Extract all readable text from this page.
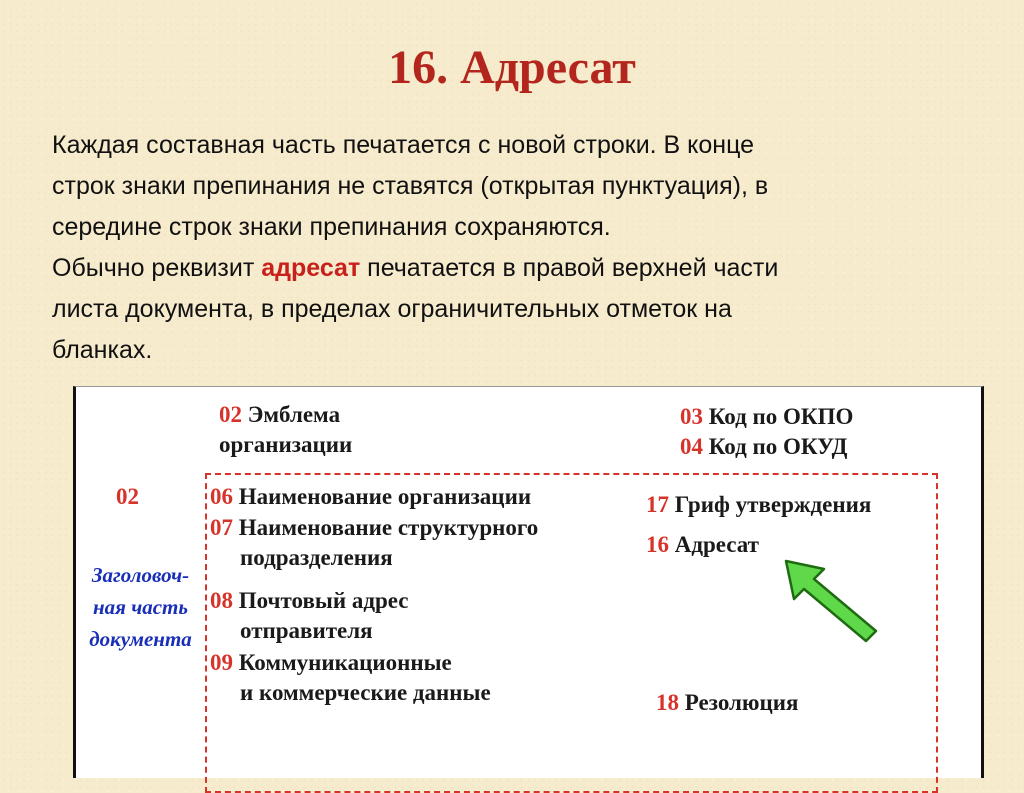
16. Адресат
Каждая составная часть печатается с новой строки. В конце
строк знаки препинания не ставятся (открытая пунктуация), в
середине строк знаки препинания сохраняются.
Обычно реквизит адресат печатается в правой верхней части
листа документа, в пределах ограничительных отметок на
бланках.
02 Эмблема
организации
03 Код по ОКПО
04 Код по ОКУД
02	06 Наименование организации
07 Наименование структурного
подразделения
08 Почтовый адрес
отправителя
09 Коммуникационные
и коммерческие данные
17 Гриф утверждения
16 Адресат
18 Резолюция
Заголовоч-
ная часть
документа
